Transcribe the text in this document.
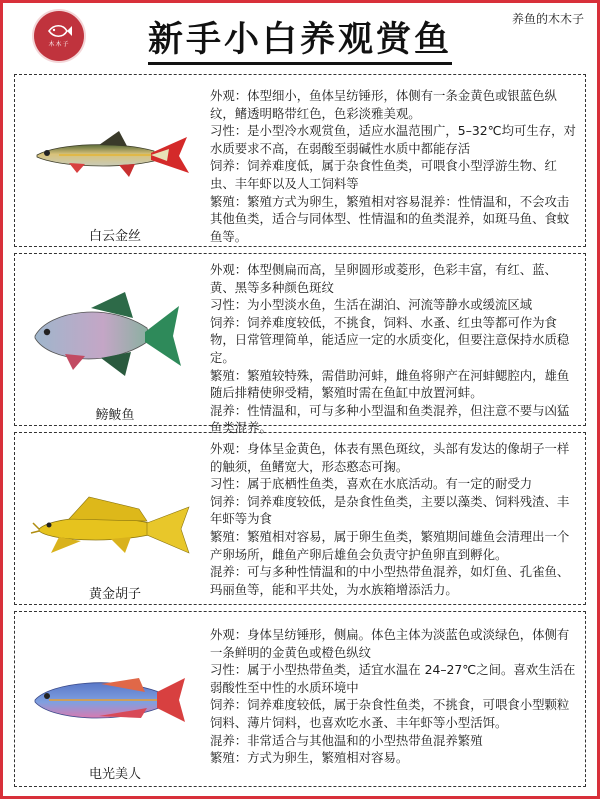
木木子	新手小白养观赏鱼
养鱼的木木子
白云金丝

外观：体型细小，鱼体呈纺锤形，体侧有一条金黄色或银蓝色纵纹，鳍透明略带红色，色彩淡雅美观。

习性：是小型冷水观赏鱼，适应水温范围广，5–32℃均可生存，对水质要求不高，在弱酸至弱碱性水质中都能存活

饲养：饲养难度低，属于杂食性鱼类，可喂食小型浮游生物、红虫、丰年虾以及人工饲料等

繁殖：繁殖方式为卵生，繁殖相对容易混养：性情温和，不会攻击其他鱼类，适合与同体型、性情温和的鱼类混养，如斑马鱼、食蚊鱼等。

鳑鲏鱼

外观：体型侧扁而高，呈卵圆形或菱形，色彩丰富，有红、蓝、黄、黑等多种颜色斑纹

习性：为小型淡水鱼，生活在湖泊、河流等静水或缓流区域

饲养：饲养难度较低，不挑食，饲料、水蚤、红虫等都可作为食物，日常管理简单，能适应一定的水质变化，但要注意保持水质稳定。

繁殖：繁殖较特殊，需借助河蚌，雌鱼将卵产在河蚌鳃腔内，雄鱼随后排精使卵受精，繁殖时需在鱼缸中放置河蚌。

混养：性情温和，可与多种小型温和鱼类混养，但注意不要与凶猛鱼类混养。

黄金胡子

外观：身体呈金黄色，体表有黑色斑纹，头部有发达的像胡子一样的触须，鱼鳍宽大，形态憨态可掬。

习性：属于底栖性鱼类，喜欢在水底活动。有一定的耐受力

饲养：饲养难度较低，是杂食性鱼类，主要以藻类、饲料残渣、丰年虾等为食

繁殖：繁殖相对容易，属于卵生鱼类，繁殖期间雄鱼会清理出一个产卵场所，雌鱼产卵后雄鱼会负责守护鱼卵直到孵化。

混养：可与多种性情温和的中小型热带鱼混养，如灯鱼、孔雀鱼、玛丽鱼等，能和平共处，为水族箱增添活力。

电光美人

外观：身体呈纺锤形，侧扁。体色主体为淡蓝色或淡绿色，体侧有一条鲜明的金黄色或橙色纵纹

习性：属于小型热带鱼类，适宜水温在 24–27℃之间。喜欢生活在弱酸性至中性的水质环境中

饲养：饲养难度较低，属于杂食性鱼类，不挑食，可喂食小型颗粒饲料、薄片饲料，也喜欢吃水蚤、丰年虾等小型活饵。

混养：非常适合与其他温和的小型热带鱼混养繁殖

繁殖：方式为卵生，繁殖相对容易。
